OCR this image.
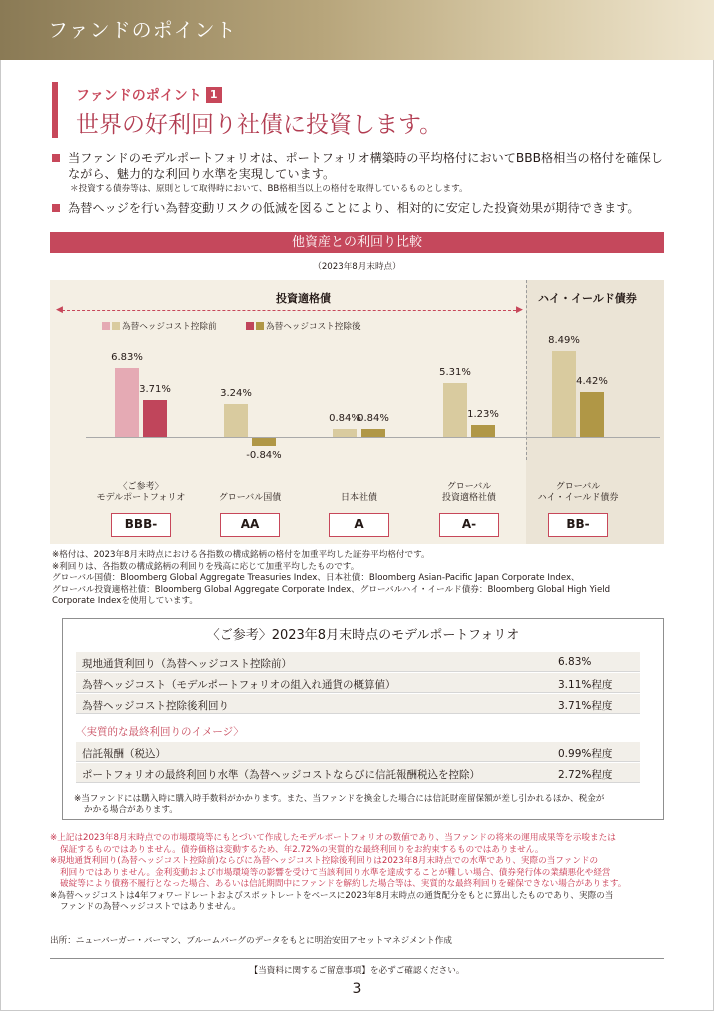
ファンドのポイント
ファンドのポイント 1
世界の好利回り社債に投資します。
当ファンドのモデルポートフォリオは、ポートフォリオ構築時の平均格付においてBBB格相当の格付を確保し
ながら、魅力的な利回り水準を実現しています。
＊投資する債券等は、原則として取得時において、BB格相当以上の格付を取得しているものとします。
為替ヘッジを行い為替変動リスクの低減を図ることにより、相対的に安定した投資効果が期待できます。
他資産との利回り比較
（2023年8月末時点）
投資適格債	ハイ・イールド債券
◀	▶
為替ヘッジコスト控除前	為替ヘッジコスト控除後
6.83%
3.71%
〈ご参考〉
モデルポートフォリオ
BBB-
3.24%
-0.84%

グローバル国債
AA
0.84%
0.84%

日本社債
A
5.31%
1.23%
グローバル
投資適格社債
A-
8.49%
4.42%
グローバル
ハイ・イールド債券
BB-
※格付は、2023年8月末時点における各指数の構成銘柄の格付を加重平均した証券平均格付です。
※利回りは、各指数の構成銘柄の利回りを残高に応じて加重平均したものです。
グローバル国債：Bloomberg Global Aggregate Treasuries Index、日本社債：Bloomberg Asian-Pacific Japan Corporate Index、
グローバル投資適格社債：Bloomberg Global Aggregate Corporate Index、グローバルハイ・イールド債券：Bloomberg Global High Yield
Corporate Indexを使用しています。
〈ご参考〉2023年8月末時点のモデルポートフォリオ
現地通貨利回り（為替ヘッジコスト控除前）	6.83%
為替ヘッジコスト（モデルポートフォリオの組入れ通貨の概算値）	3.11%程度
為替ヘッジコスト控除後利回り	3.71%程度
〈実質的な最終利回りのイメージ〉
信託報酬（税込）	0.99%程度
ポートフォリオの最終利回り水準（為替ヘッジコストならびに信託報酬税込を控除）	2.72%程度
※当ファンドには購入時に購入時手数料がかかります。また、当ファンドを換金した場合には信託財産留保額が差し引かれるほか、税金が
かかる場合があります。
※上記は2023年8月末時点での市場環境等にもとづいて作成したモデルポートフォリオの数値であり、当ファンドの将来の運用成果等を示唆または
保証するものではありません。債券価格は変動するため、年2.72%の実質的な最終利回りをお約束するものではありません。
※現地通貨利回り(為替ヘッジコスト控除前)ならびに為替ヘッジコスト控除後利回りは2023年8月末時点での水準であり、実際の当ファンドの
利回りではありません。金利変動および市場環境等の影響を受けて当該利回り水準を達成することが難しい場合、債券発行体の業績悪化や経営
破綻等により債務不履行となった場合、あるいは信託期間中にファンドを解約した場合等は、実質的な最終利回りを確保できない場合があります。
※為替ヘッジコストは4年フォワードレートおよびスポットレートをベースに2023年8月末時点の通貨配分をもとに算出したものであり、実際の当
ファンドの為替ヘッジコストではありません。
出所：ニューバーガー・バーマン、ブルームバーグのデータをもとに明治安田アセットマネジメント作成
【当資料に関するご留意事項】を必ずご確認ください。
3
